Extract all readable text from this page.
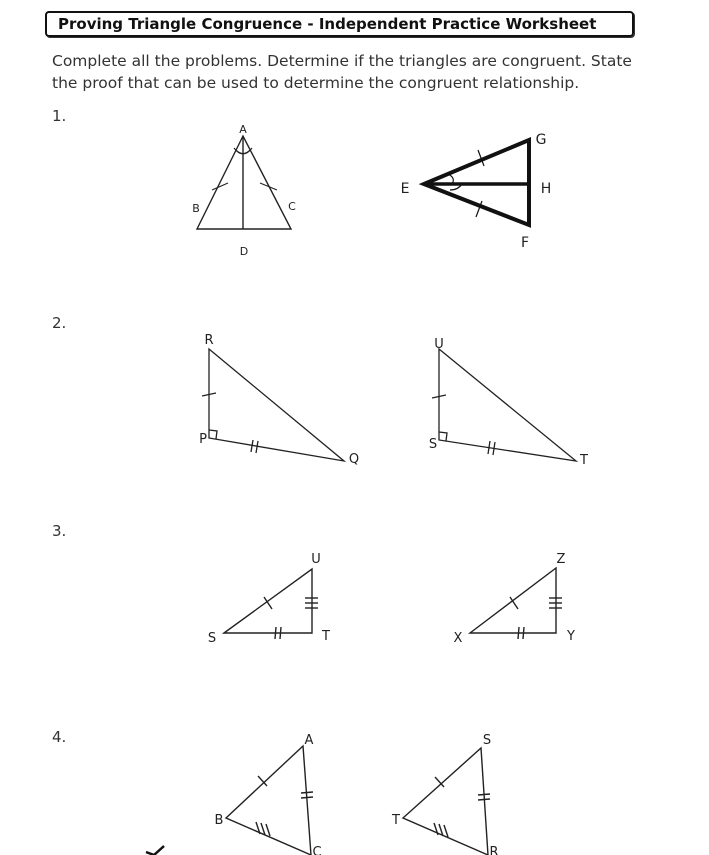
Proving Triangle Congruence - Independent Practice Worksheet
Complete all the problems. Determine if the triangles are congruent. State
the proof that can be used to determine the congruent relationship.
1.
2.
3.
4.
A
B	C
D
G
E	H
F
R
P
Q
U
S
T
U
S	T
Z
X	Y
A
B
C
S
T
R
